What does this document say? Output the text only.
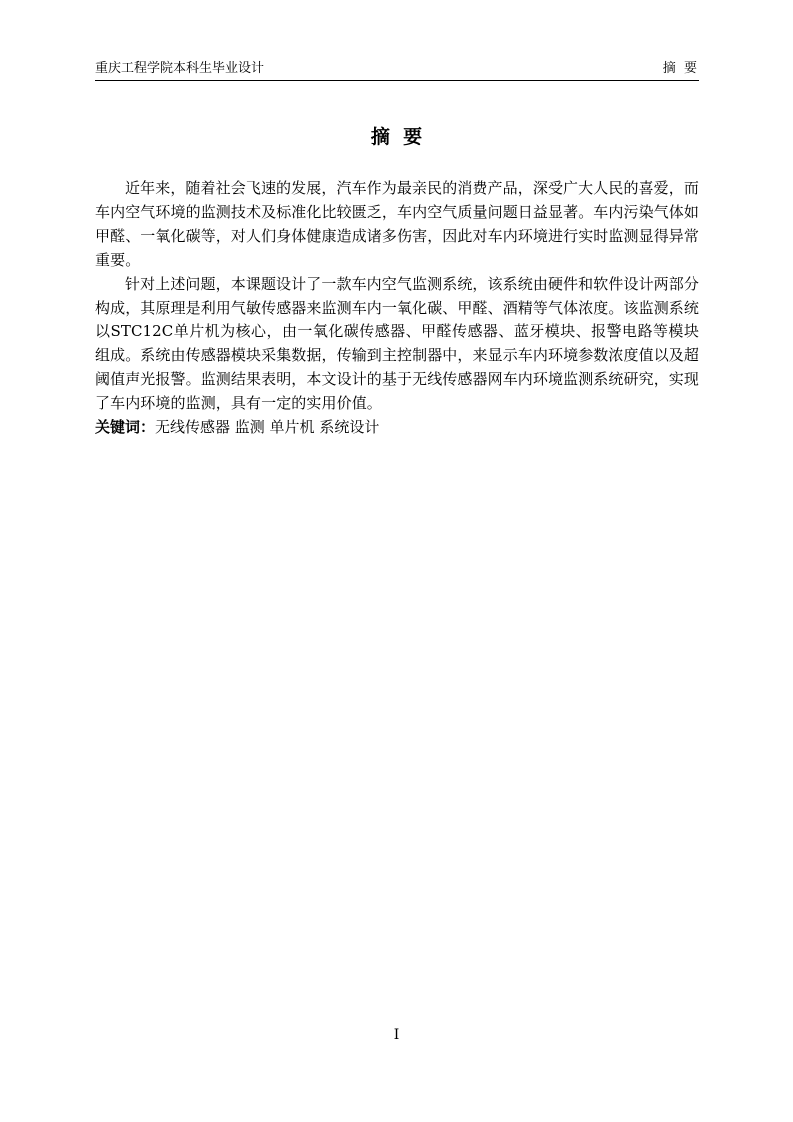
重庆工程学院本科生毕业设计	摘  要
摘  要

近年来，随着社会飞速的发展，汽车作为最亲民的消费产品，深受广大人民的喜爱，而车内空气环境的监测技术及标准化比较匮乏，车内空气质量问题日益显著。车内污染气体如甲醛、一氧化碳等，对人们身体健康造成诸多伤害，因此对车内环境进行实时监测显得异常重要。

针对上述问题，本课题设计了一款车内空气监测系统，该系统由硬件和软件设计两部分构成，其原理是利用气敏传感器来监测车内一氧化碳、甲醛、酒精等气体浓度。该监测系统以STC12C单片机为核心，由一氧化碳传感器、甲醛传感器、蓝牙模块、报警电路等模块组成。系统由传感器模块采集数据，传输到主控制器中，来显示车内环境参数浓度值以及超阈值声光报警。监测结果表明，本文设计的基于无线传感器网车内环境监测系统研究，实现了车内环境的监测，具有一定的实用价值。

关键词：无线传感器 监测 单片机 系统设计

I
